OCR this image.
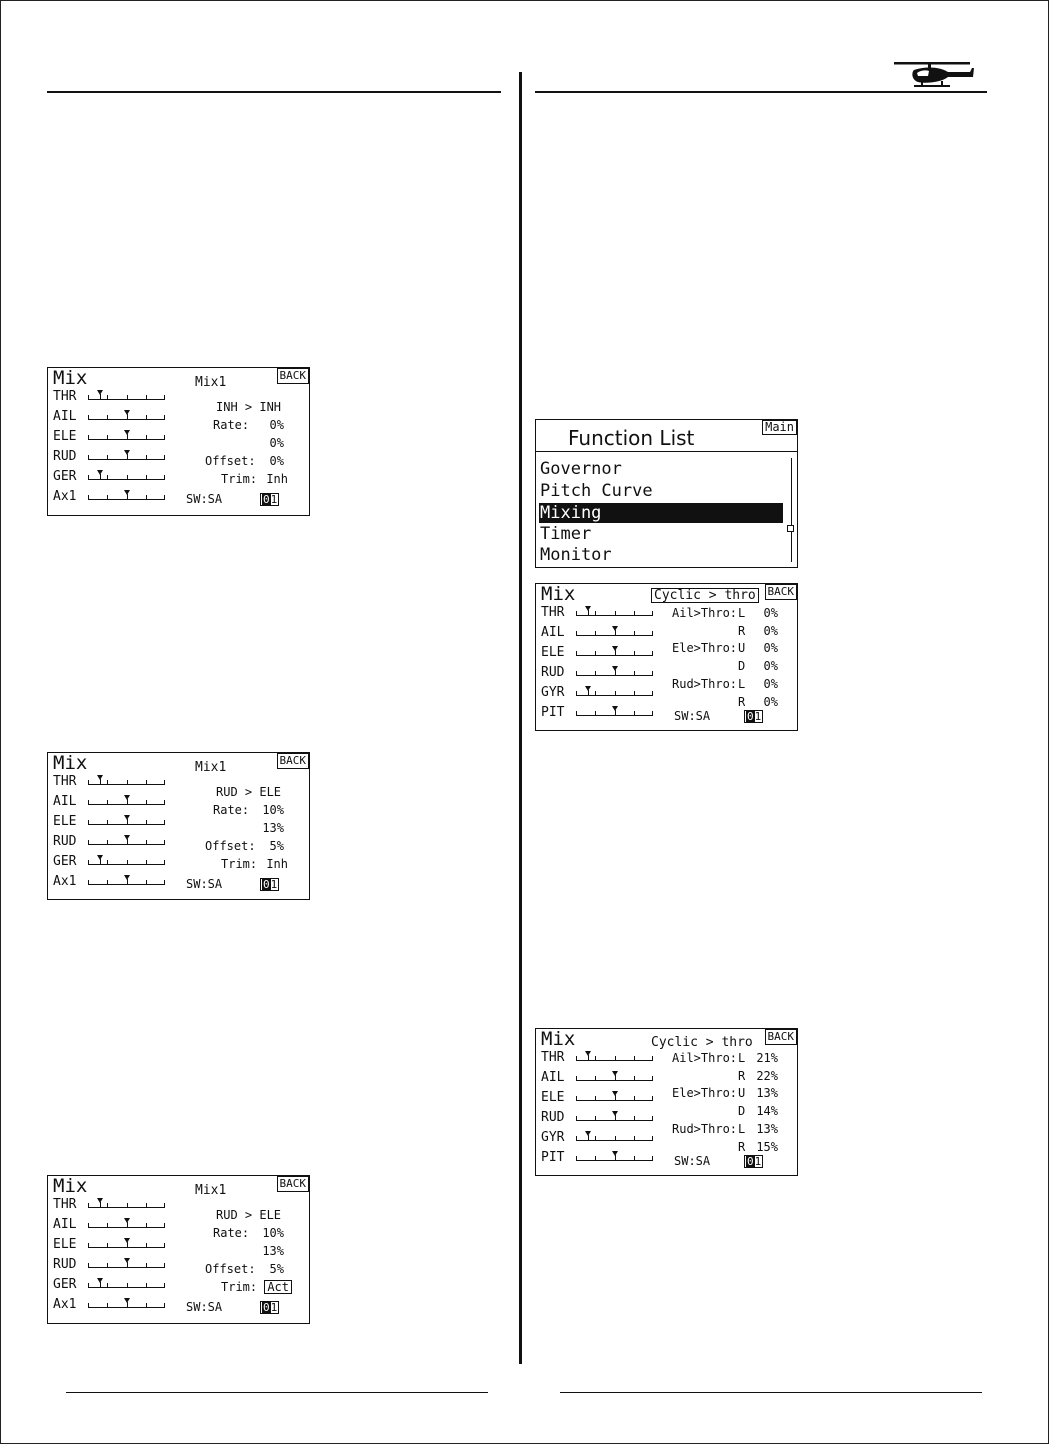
Mix	Mix1	BACK
THR
AIL
ELE
RUD
GER
Ax1
INH > INH
Rate: 0%
0%
Offset: 0%
Trim: Inh
SW:SA	01
Mix	Mix1	BACK
THR
AIL
ELE
RUD
GER
Ax1
RUD > ELE
Rate: 10%
13%
Offset: 5%
Trim: Inh
SW:SA	01
Mix	Mix1	BACK
THR
AIL
ELE
RUD
GER
Ax1
RUD > ELE
Rate: 10%
13%
Offset: 5%
Trim: Act
SW:SA	01
Function List	Main
Governor
Pitch Curve
Mixing
Timer
Monitor
Mix	Cyclic > thro BACK
THR
AIL
ELE
RUD
GYR
PIT
Ail>Thro: L 0%
R 0%
Ele>Thro: U 0%
D 0%
Rud>Thro: L 0%
R 0%
SW:SA	01
Mix	Cyclic > thro BACK
THR
AIL
ELE
RUD
GYR
PIT
Ail>Thro: L 21%
R 22%
Ele>Thro: U 13%
D 14%
Rud>Thro: L 13%
R 15%
SW:SA	01
